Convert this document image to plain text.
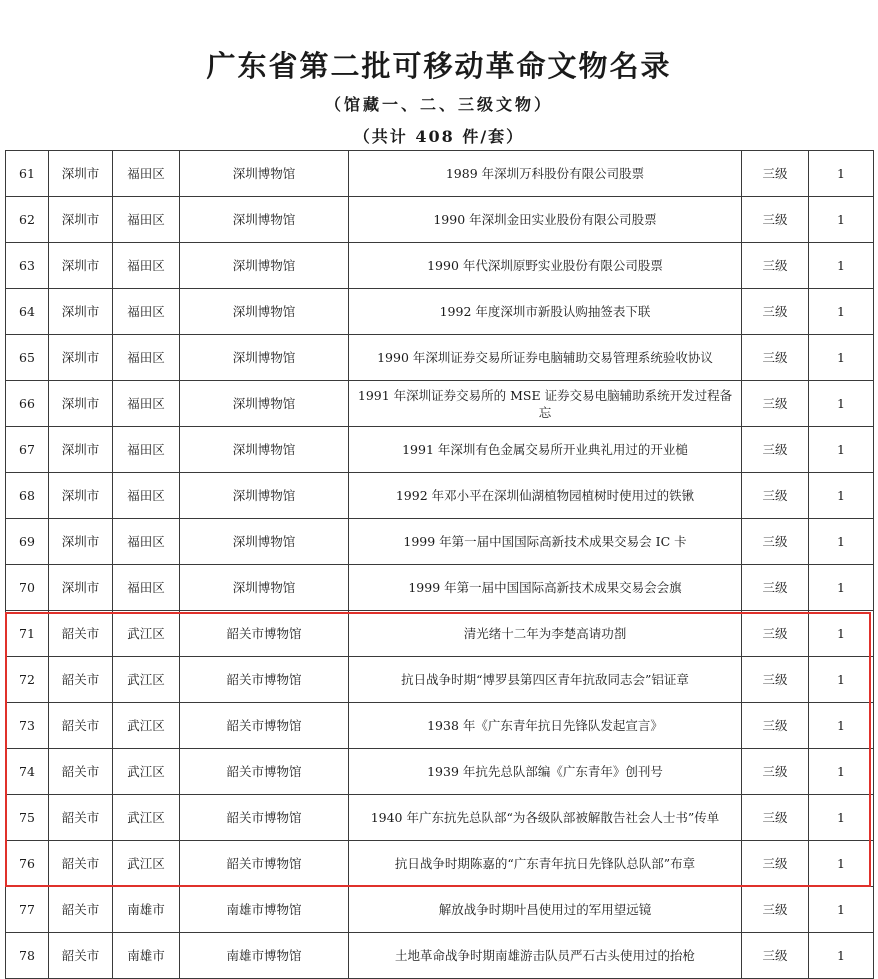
广东省第二批可移动革命文物名录
（馆藏一、二、三级文物）
（共计 408 件/套）
61	深圳市	福田区	深圳博物馆	1989 年深圳万科股份有限公司股票	三级	1
62	深圳市	福田区	深圳博物馆	1990 年深圳金田实业股份有限公司股票	三级	1
63	深圳市	福田区	深圳博物馆	1990 年代深圳原野实业股份有限公司股票	三级	1
64	深圳市	福田区	深圳博物馆	1992 年度深圳市新股认购抽签表下联	三级	1
65	深圳市	福田区	深圳博物馆	1990 年深圳证券交易所证券电脑辅助交易管理系统验收协议	三级	1
66	深圳市	福田区	深圳博物馆	1991 年深圳证券交易所的 MSE 证券交易电脑辅助系统开发过程备忘	三级	1
67	深圳市	福田区	深圳博物馆	1991 年深圳有色金属交易所开业典礼用过的开业槌	三级	1
68	深圳市	福田区	深圳博物馆	1992 年邓小平在深圳仙湖植物园植树时使用过的铁锹	三级	1
69	深圳市	福田区	深圳博物馆	1999 年第一届中国国际高新技术成果交易会 IC 卡	三级	1
70	深圳市	福田区	深圳博物馆	1999 年第一届中国国际高新技术成果交易会会旗	三级	1
71	韶关市	武江区	韶关市博物馆	清光绪十二年为李楚高请功剳	三级	1
72	韶关市	武江区	韶关市博物馆	抗日战争时期“博罗县第四区青年抗敌同志会”铝证章	三级	1
73	韶关市	武江区	韶关市博物馆	1938 年《广东青年抗日先锋队发起宣言》	三级	1
74	韶关市	武江区	韶关市博物馆	1939 年抗先总队部编《广东青年》创刊号	三级	1
75	韶关市	武江区	韶关市博物馆	1940 年广东抗先总队部“为各级队部被解散告社会人士书”传单	三级	1
76	韶关市	武江区	韶关市博物馆	抗日战争时期陈嘉的“广东青年抗日先锋队总队部”布章	三级	1
77	韶关市	南雄市	南雄市博物馆	解放战争时期叶昌使用过的军用望远镜	三级	1
78	韶关市	南雄市	南雄市博物馆	土地革命战争时期南雄游击队员严石古头使用过的抬枪	三级	1
